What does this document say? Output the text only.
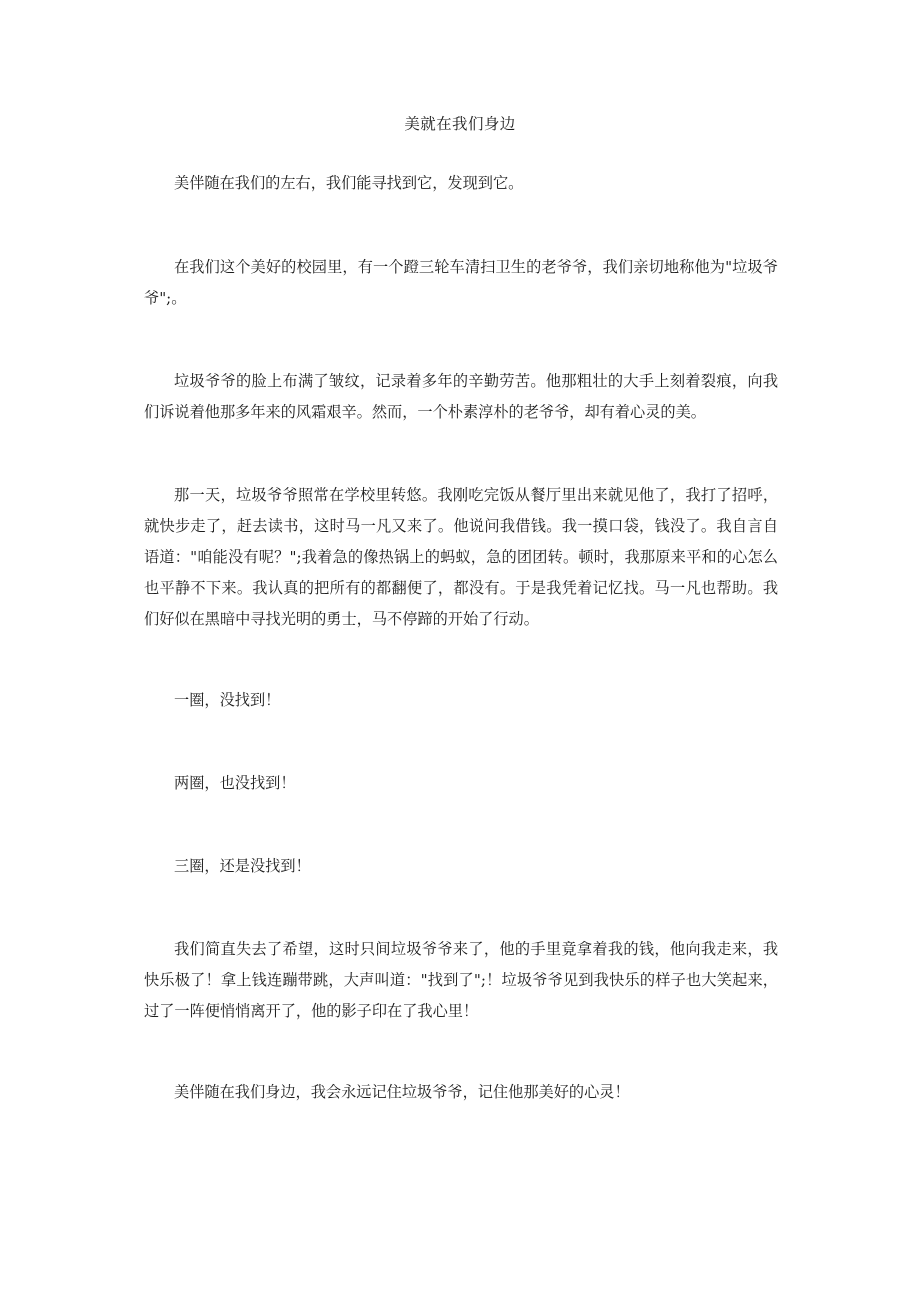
美就在我们身边

美伴随在我们的左右，我们能寻找到它，发现到它。

在我们这个美好的校园里，有一个蹬三轮车清扫卫生的老爷爷，我们亲切地称他为"垃圾爷爷";。

垃圾爷爷的脸上布满了皱纹，记录着多年的辛勤劳苦。他那粗壮的大手上刻着裂痕，向我们诉说着他那多年来的风霜艰辛。然而，一个朴素淳朴的老爷爷，却有着心灵的美。

那一天，垃圾爷爷照常在学校里转悠。我刚吃完饭从餐厅里出来就见他了，我打了招呼，就快步走了，赶去读书，这时马一凡又来了。他说问我借钱。我一摸口袋，钱没了。我自言自语道："咱能没有呢？";我着急的像热锅上的蚂蚁，急的团团转。顿时，我那原来平和的心怎么也平静不下来。我认真的把所有的都翻便了，都没有。于是我凭着记忆找。马一凡也帮助。我们好似在黑暗中寻找光明的勇士，马不停蹄的开始了行动。

一圈，没找到！

两圈，也没找到！

三圈，还是没找到！

我们简直失去了希望，这时只间垃圾爷爷来了，他的手里竟拿着我的钱，他向我走来，我快乐极了！拿上钱连蹦带跳，大声叫道："找到了";！垃圾爷爷见到我快乐的样子也大笑起来，过了一阵便悄悄离开了，他的影子印在了我心里！

美伴随在我们身边，我会永远记住垃圾爷爷，记住他那美好的心灵！
